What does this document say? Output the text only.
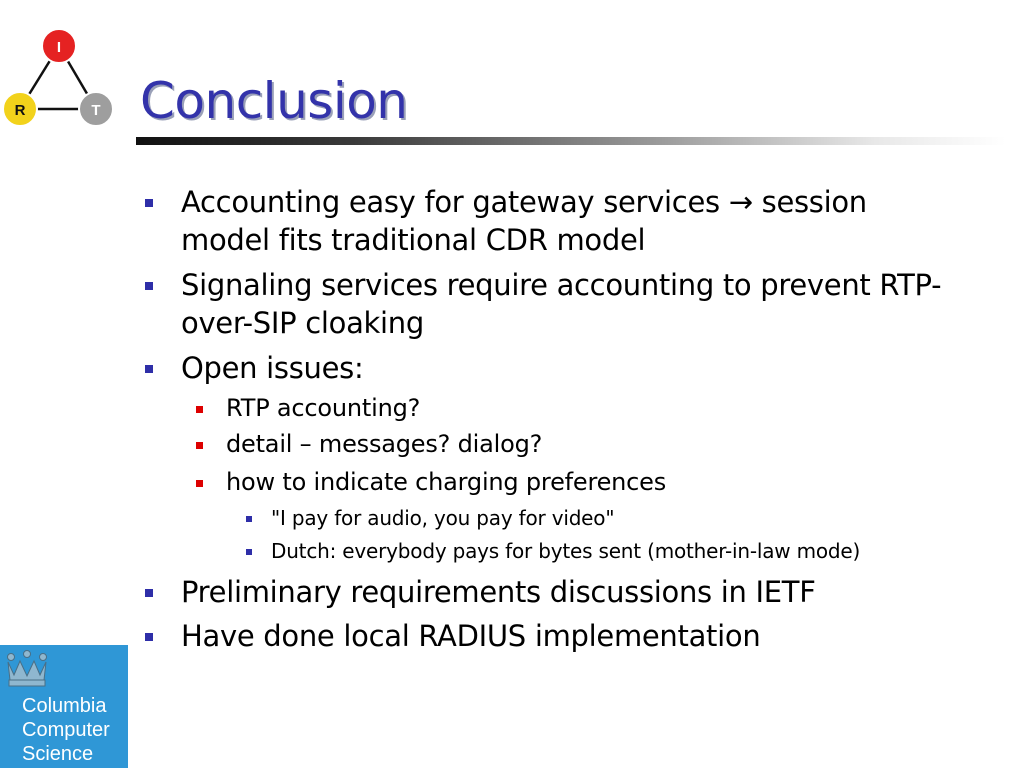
I
R	T Conclusion
Accounting easy for gateway services → session
model fits traditional CDR model
Signaling services require accounting to prevent RTP-
over-SIP cloaking
Open issues:
RTP accounting?
detail – messages? dialog?
how to indicate charging preferences
"I pay for audio, you pay for video"
Dutch: everybody pays for bytes sent (mother-in-law mode)
Preliminary requirements discussions in IETF
Have done local RADIUS implementation
Columbia
Computer
Science
